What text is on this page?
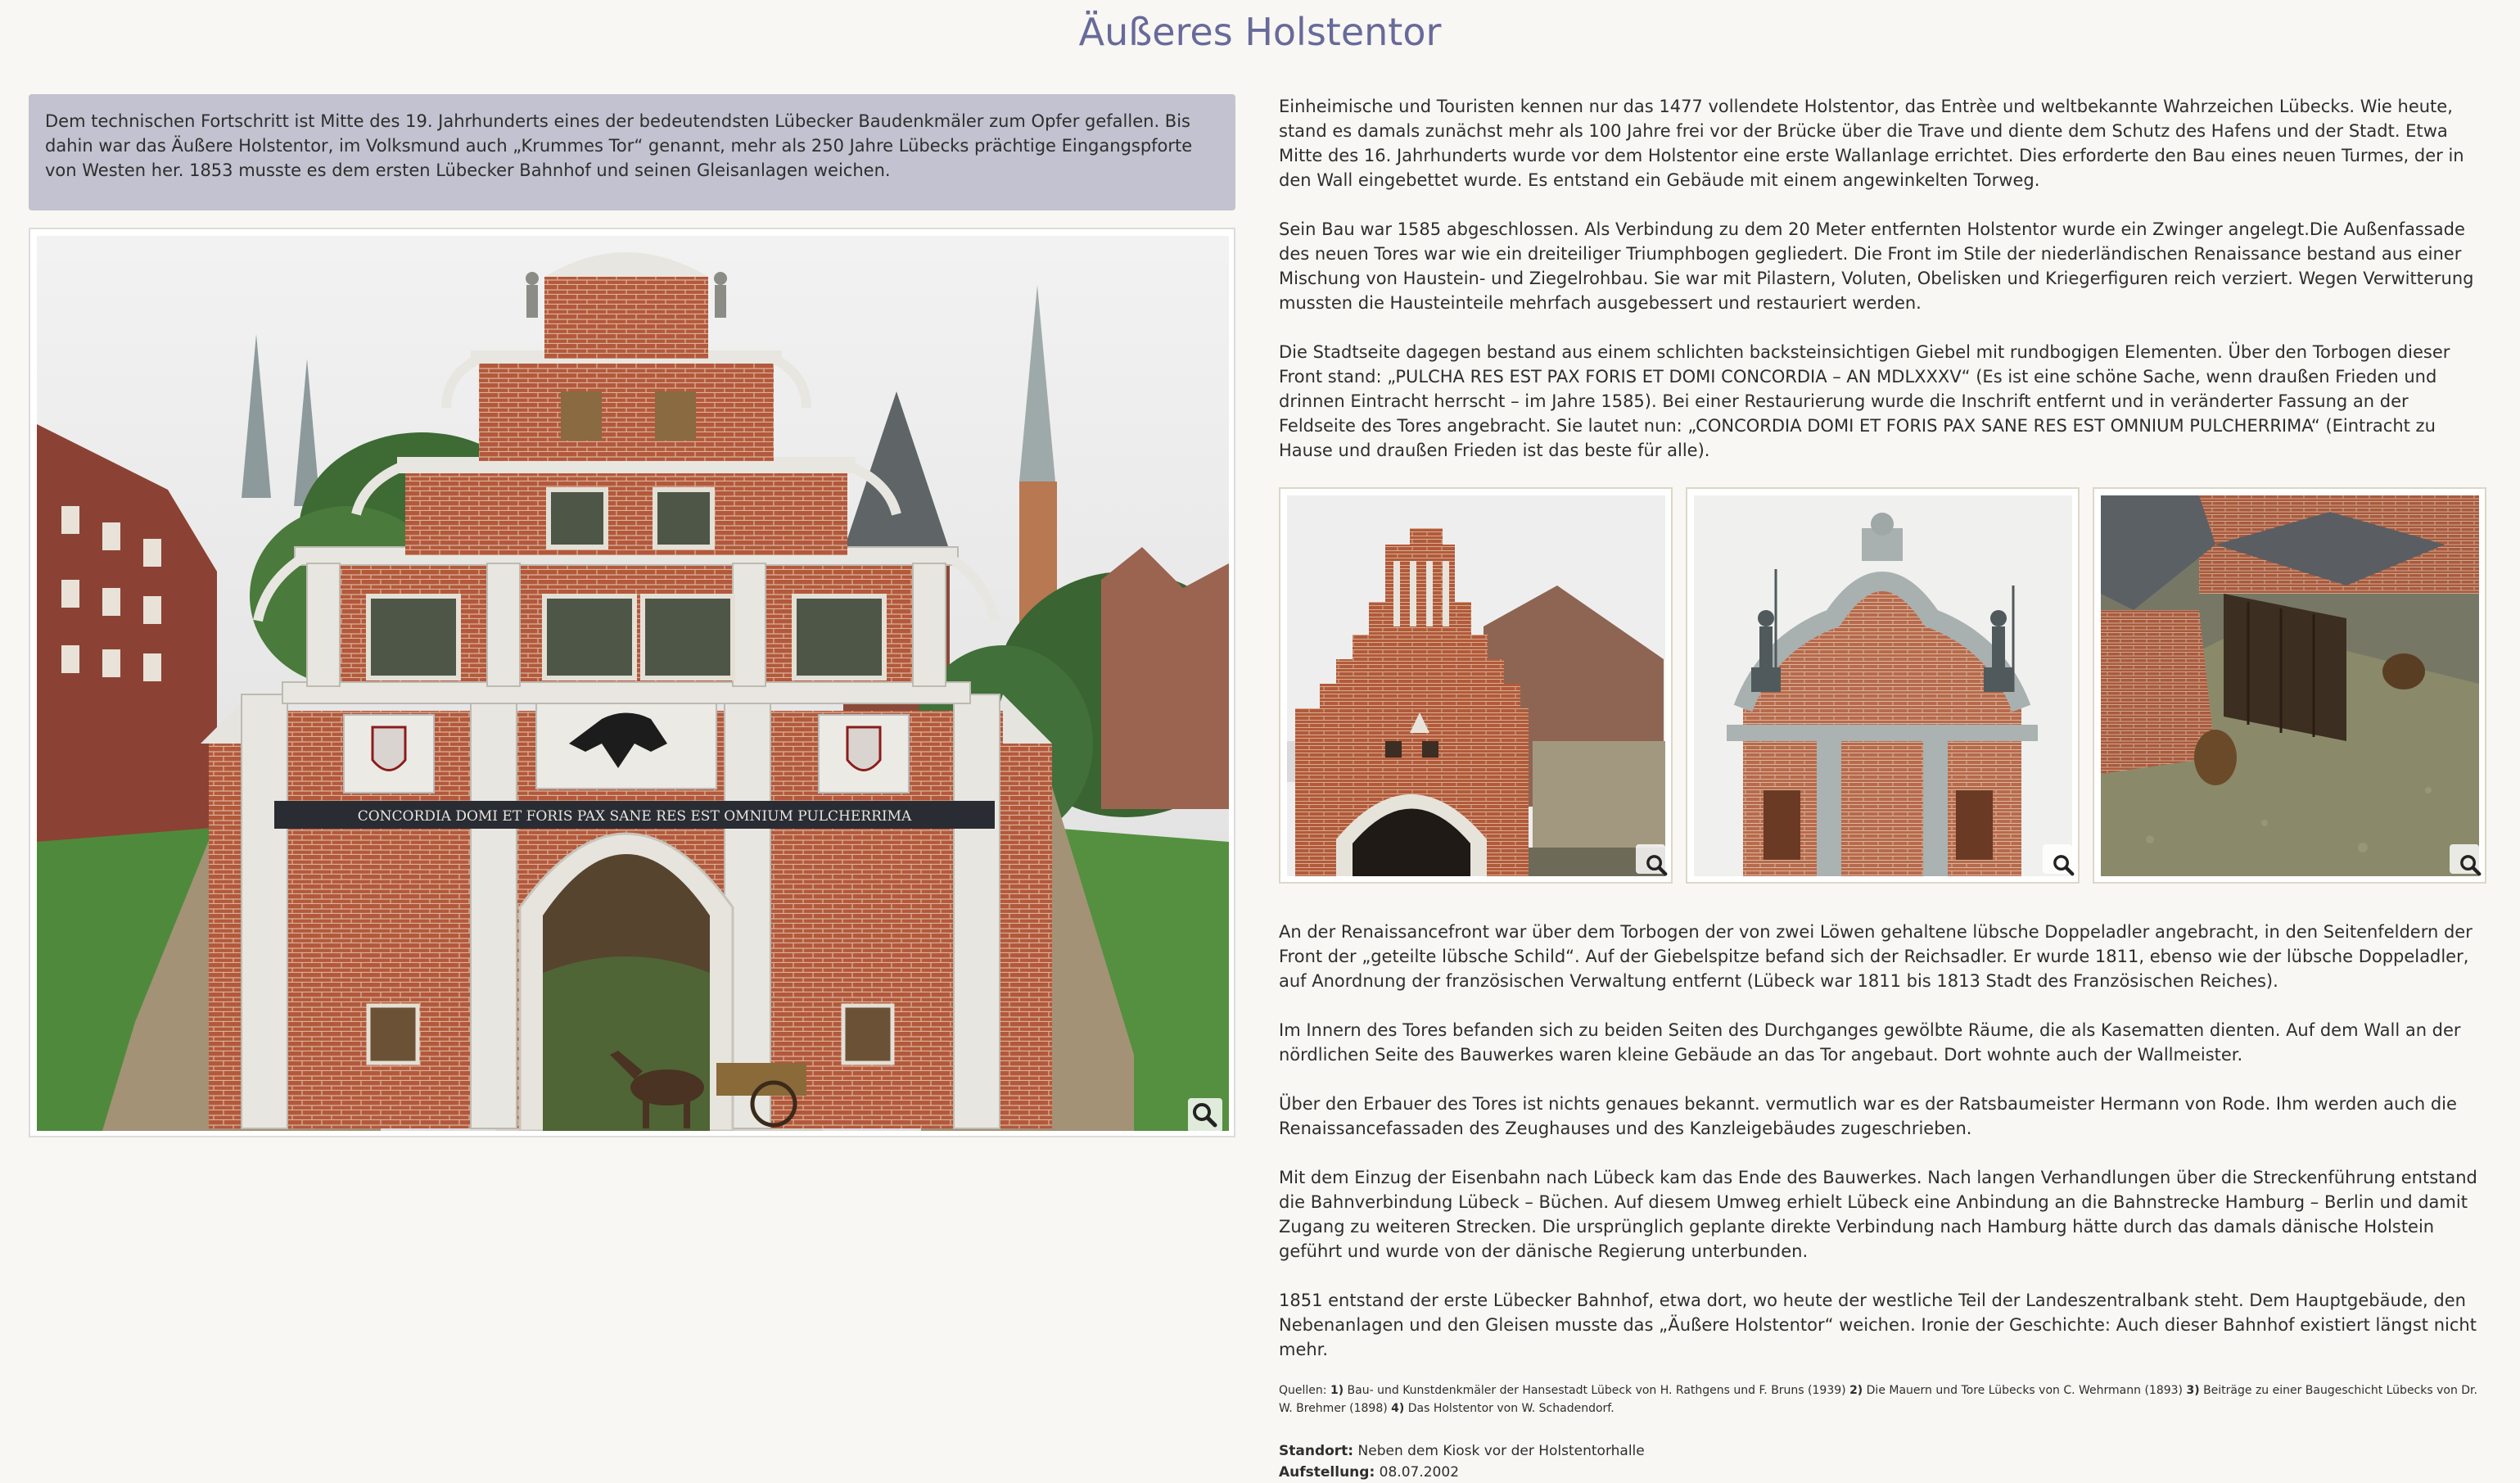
Äußeres Holstentor
Dem technischen Fortschritt ist Mitte des 19. Jahrhunderts eines der bedeutendsten Lübecker Baudenkmäler zum Opfer gefallen. Bis dahin war das Äußere Holstentor, im Volksmund auch „Krummes Tor“ genannt, mehr als 250 Jahre Lübecks prächtige Eingangspforte von Westen her. 1853 musste es dem ersten Lübecker Bahnhof und seinen Gleisanlagen weichen.
CONCORDIA DOMI ET FORIS PAX SANE RES EST OMNIUM PULCHERRIMA

Einheimische und Touristen kennen nur das 1477 vollendete Holstentor, das Entrèe und weltbekannte Wahrzeichen Lübecks. Wie heute, stand es damals zunächst mehr als 100 Jahre frei vor der Brücke über die Trave und diente dem Schutz des Hafens und der Stadt. Etwa Mitte des 16. Jahrhunderts wurde vor dem Holstentor eine erste Wallanlage errichtet. Dies erforderte den Bau eines neuen Turmes, der in den Wall eingebettet wurde. Es entstand ein Gebäude mit einem angewinkelten Torweg.

Sein Bau war 1585 abgeschlossen. Als Verbindung zu dem 20 Meter entfernten Holstentor wurde ein Zwinger angelegt.Die Außenfassade des neuen Tores war wie ein dreiteiliger Triumphbogen gegliedert. Die Front im Stile der niederländischen Renaissance bestand aus einer Mischung von Haustein- und Ziegelrohbau. Sie war mit Pilastern, Voluten, Obelisken und Kriegerfiguren reich verziert. Wegen Verwitterung mussten die Hausteinteile mehrfach ausgebessert und restauriert werden.

Die Stadtseite dagegen bestand aus einem schlichten backsteinsichtigen Giebel mit rundbogigen Elementen. Über den Torbogen dieser Front stand: „PULCHA RES EST PAX FORIS ET DOMI CONCORDIA – AN MDLXXXV“ (Es ist eine schöne Sache, wenn draußen Frieden und drinnen Eintracht herrscht – im Jahre 1585). Bei einer Restaurierung wurde die Inschrift entfernt und in veränderter Fassung an der Feldseite des Tores angebracht. Sie lautet nun: „CONCORDIA DOMI ET FORIS PAX SANE RES EST OMNIUM PULCHERRIMA“ (Eintracht zu Hause und draußen Frieden ist das beste für alle).

An der Renaissancefront war über dem Torbogen der von zwei Löwen gehaltene lübsche Doppeladler angebracht, in den Seitenfeldern der Front der „geteilte lübsche Schild“. Auf der Giebelspitze befand sich der Reichsadler. Er wurde 1811, ebenso wie der lübsche Doppeladler, auf Anordnung der französischen Verwaltung entfernt (Lübeck war 1811 bis 1813 Stadt des Französischen Reiches).

Im Innern des Tores befanden sich zu beiden Seiten des Durchganges gewölbte Räume, die als Kasematten dienten. Auf dem Wall an der nördlichen Seite des Bauwerkes waren kleine Gebäude an das Tor angebaut. Dort wohnte auch der Wallmeister.

Über den Erbauer des Tores ist nichts genaues bekannt. vermutlich war es der Ratsbaumeister Hermann von Rode. Ihm werden auch die Renaissancefassaden des Zeughauses und des Kanzleigebäudes zugeschrieben.

Mit dem Einzug der Eisenbahn nach Lübeck kam das Ende des Bauwerkes. Nach langen Verhandlungen über die Streckenführung entstand die Bahnverbindung Lübeck – Büchen. Auf diesem Umweg erhielt Lübeck eine Anbindung an die Bahnstrecke Hamburg – Berlin und damit Zugang zu weiteren Strecken. Die ursprünglich geplante direkte Verbindung nach Hamburg hätte durch das damals dänische Holstein geführt und wurde von der dänische Regierung unterbunden.

1851 entstand der erste Lübecker Bahnhof, etwa dort, wo heute der westliche Teil der Landeszentralbank steht. Dem Hauptgebäude, den Nebenanlagen und den Gleisen musste das „Äußere Holstentor“ weichen. Ironie der Geschichte: Auch dieser Bahnhof existiert längst nicht mehr.

Quellen: 1) Bau- und Kunstdenkmäler der Hansestadt Lübeck von H. Rathgens und F. Bruns (1939) 2) Die Mauern und Tore Lübecks von C. Wehrmann (1893) 3) Beiträge zu einer Baugeschicht Lübecks von Dr. W. Brehmer (1898) 4) Das Holstentor von W. Schadendorf.
Standort: Neben dem Kiosk vor der Holstentorhalle
Aufstellung: 08.07.2002
